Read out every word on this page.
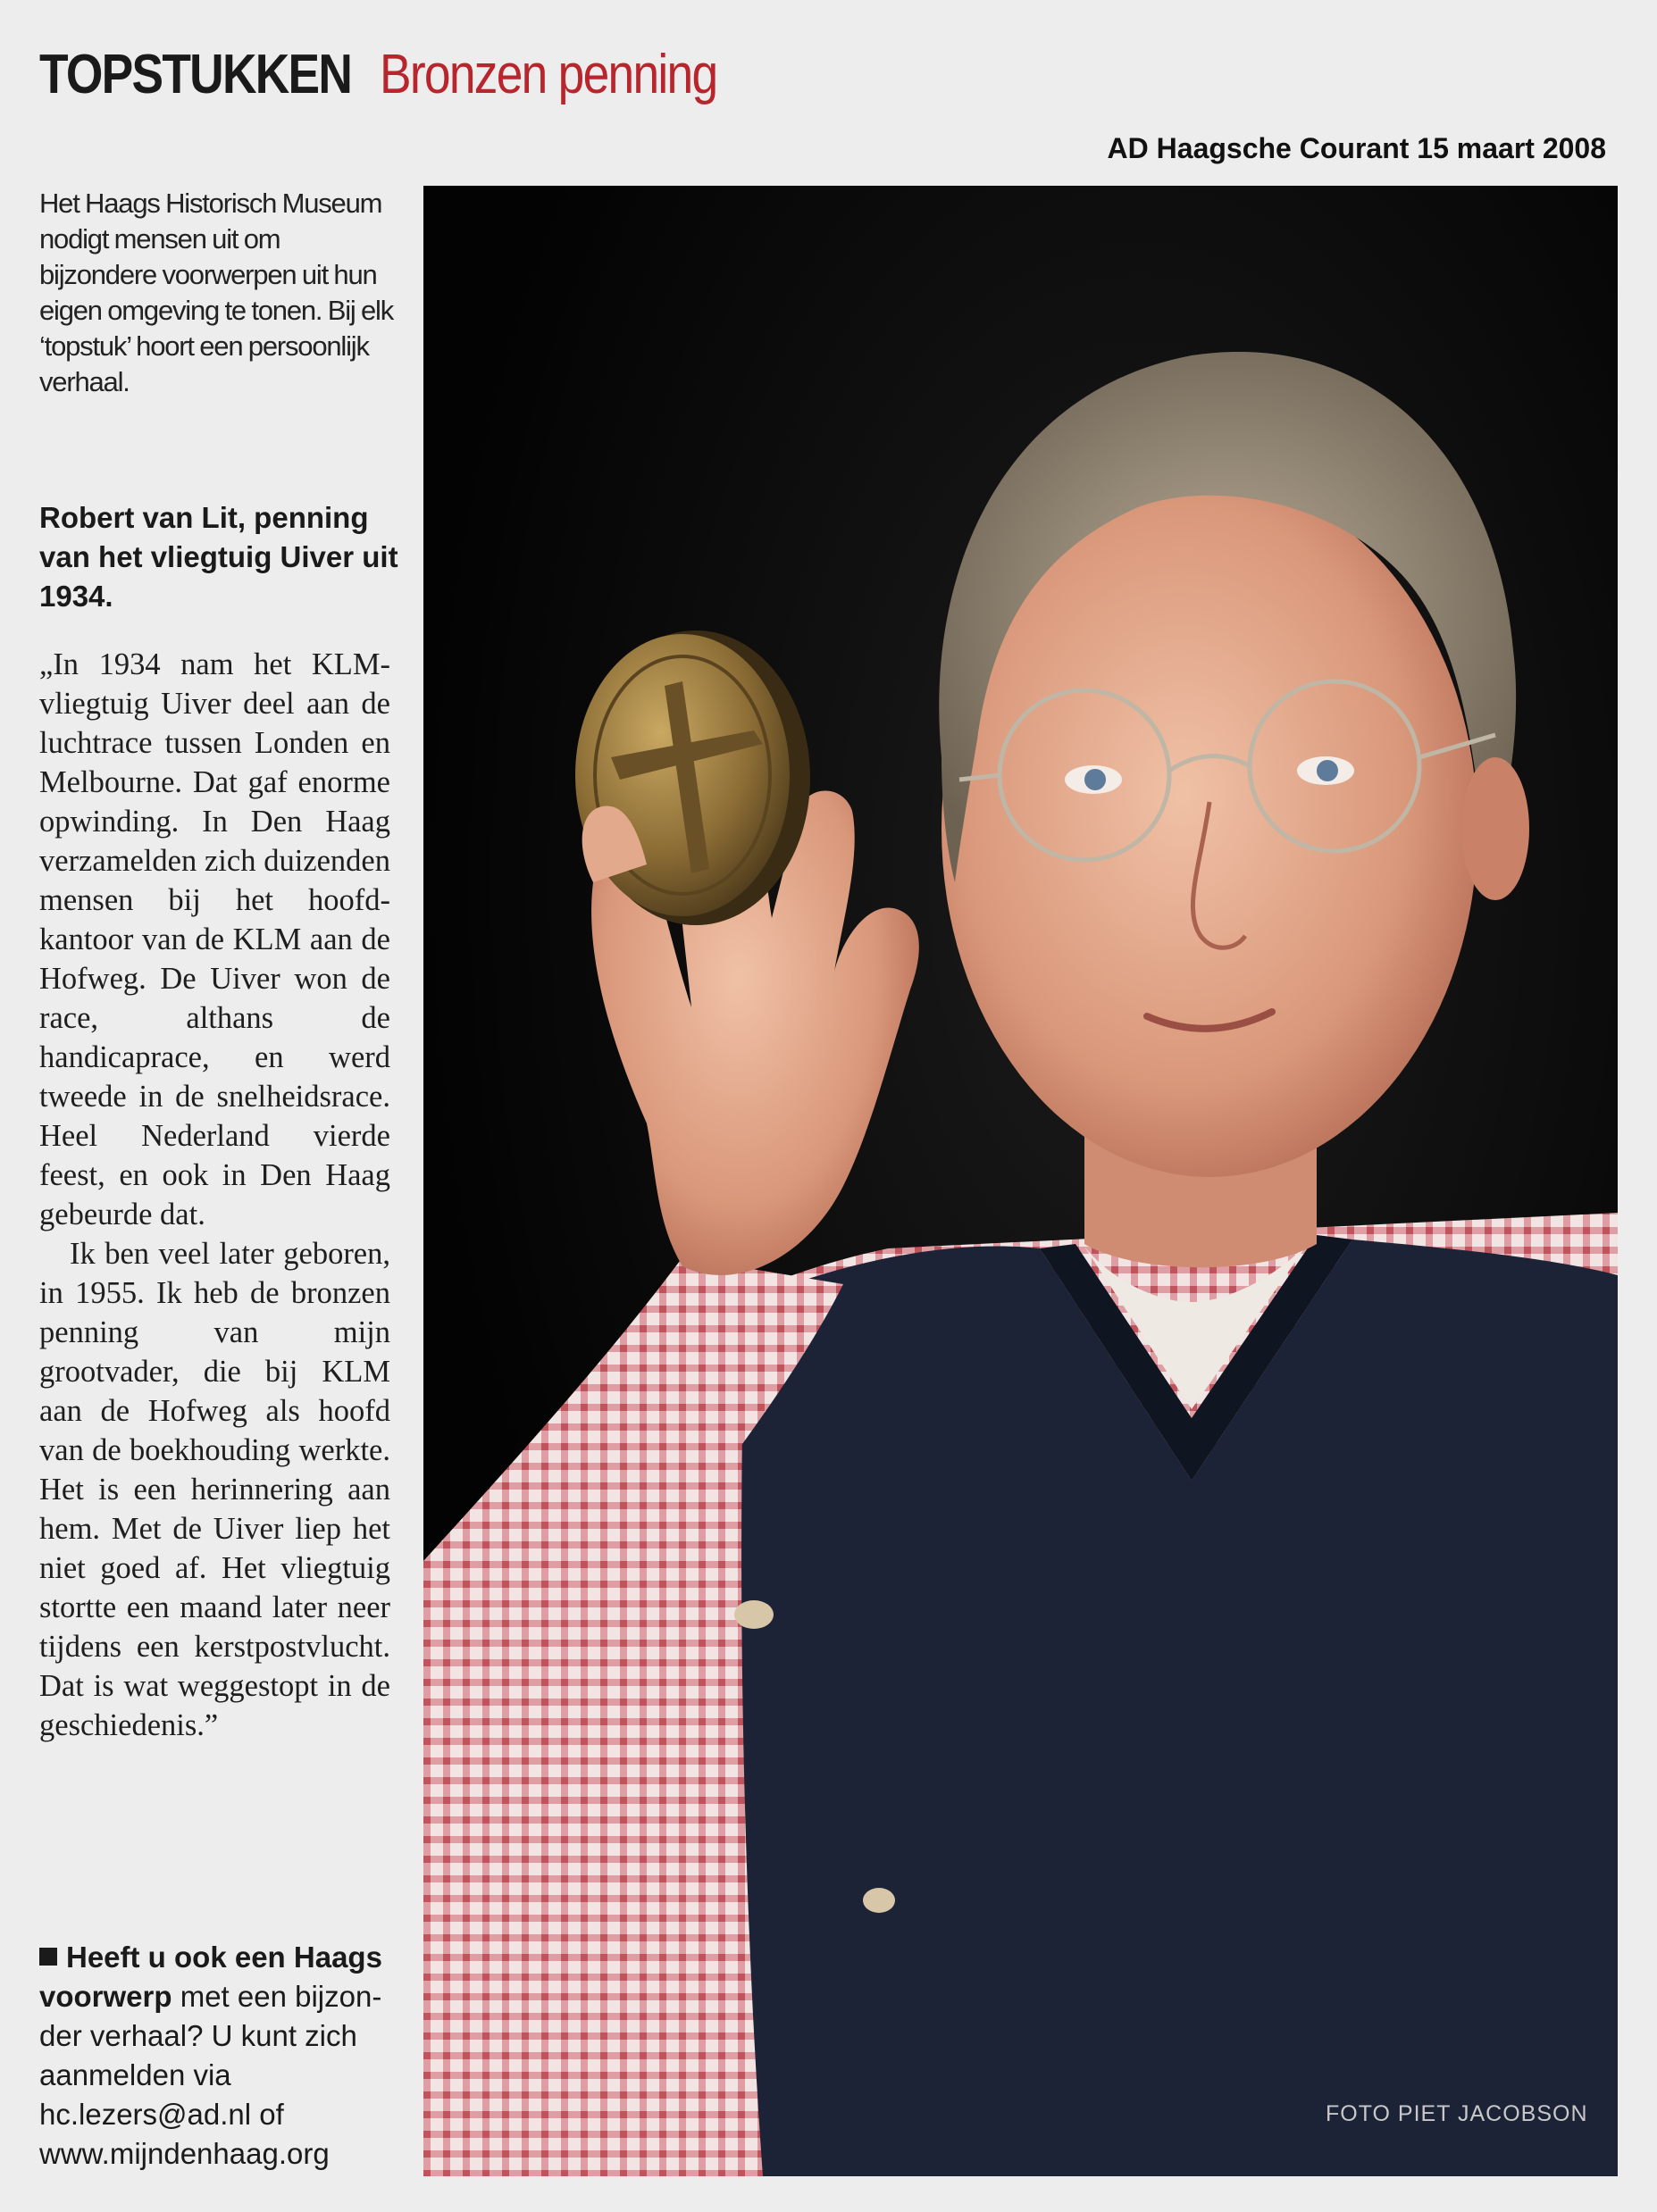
TOPSTUKKEN Bronzen penning
AD Haagsche Courant 15 maart 2008
Het Haags Historisch Museum nodigt mensen uit om bijzondere voorwerpen uit hun eigen omgeving te tonen. Bij elk ‘topstuk’ hoort een persoonlijk verhaal.
Robert van Lit, penning van het vliegtuig Uiver uit 1934.

„In 1934 nam het KLM-vliegtuig Uiver deel aan de luchtrace tussen Londen en Melbourne. Dat gaf enorme opwinding. In Den Haag verzamelden zich duizenden mensen bij het hoofdkantoor van de KLM aan de Hofweg. De Uiver won de race, althans de handicaprace, en werd tweede in de snelheidsrace. Heel Nederland vierde feest, en ook in Den Haag gebeurde dat.

Ik ben veel later geboren, in 1955. Ik heb de bronzen penning van mijn grootvader, die bij KLM aan de Hofweg als hoofd van de boekhouding werkte. Het is een herinnering aan hem. Met de Uiver liep het niet goed af. Het vliegtuig stortte een maand later neer tijdens een kerstpostvlucht. Dat is wat weggestopt in de geschiedenis.”

Heeft u ook een Haags voorwerp met een bijzonder verhaal? U kunt zich aanmelden via hc.lezers@ad.nl of www.mijndenhaag.org
FOTO PIET JACOBSON
